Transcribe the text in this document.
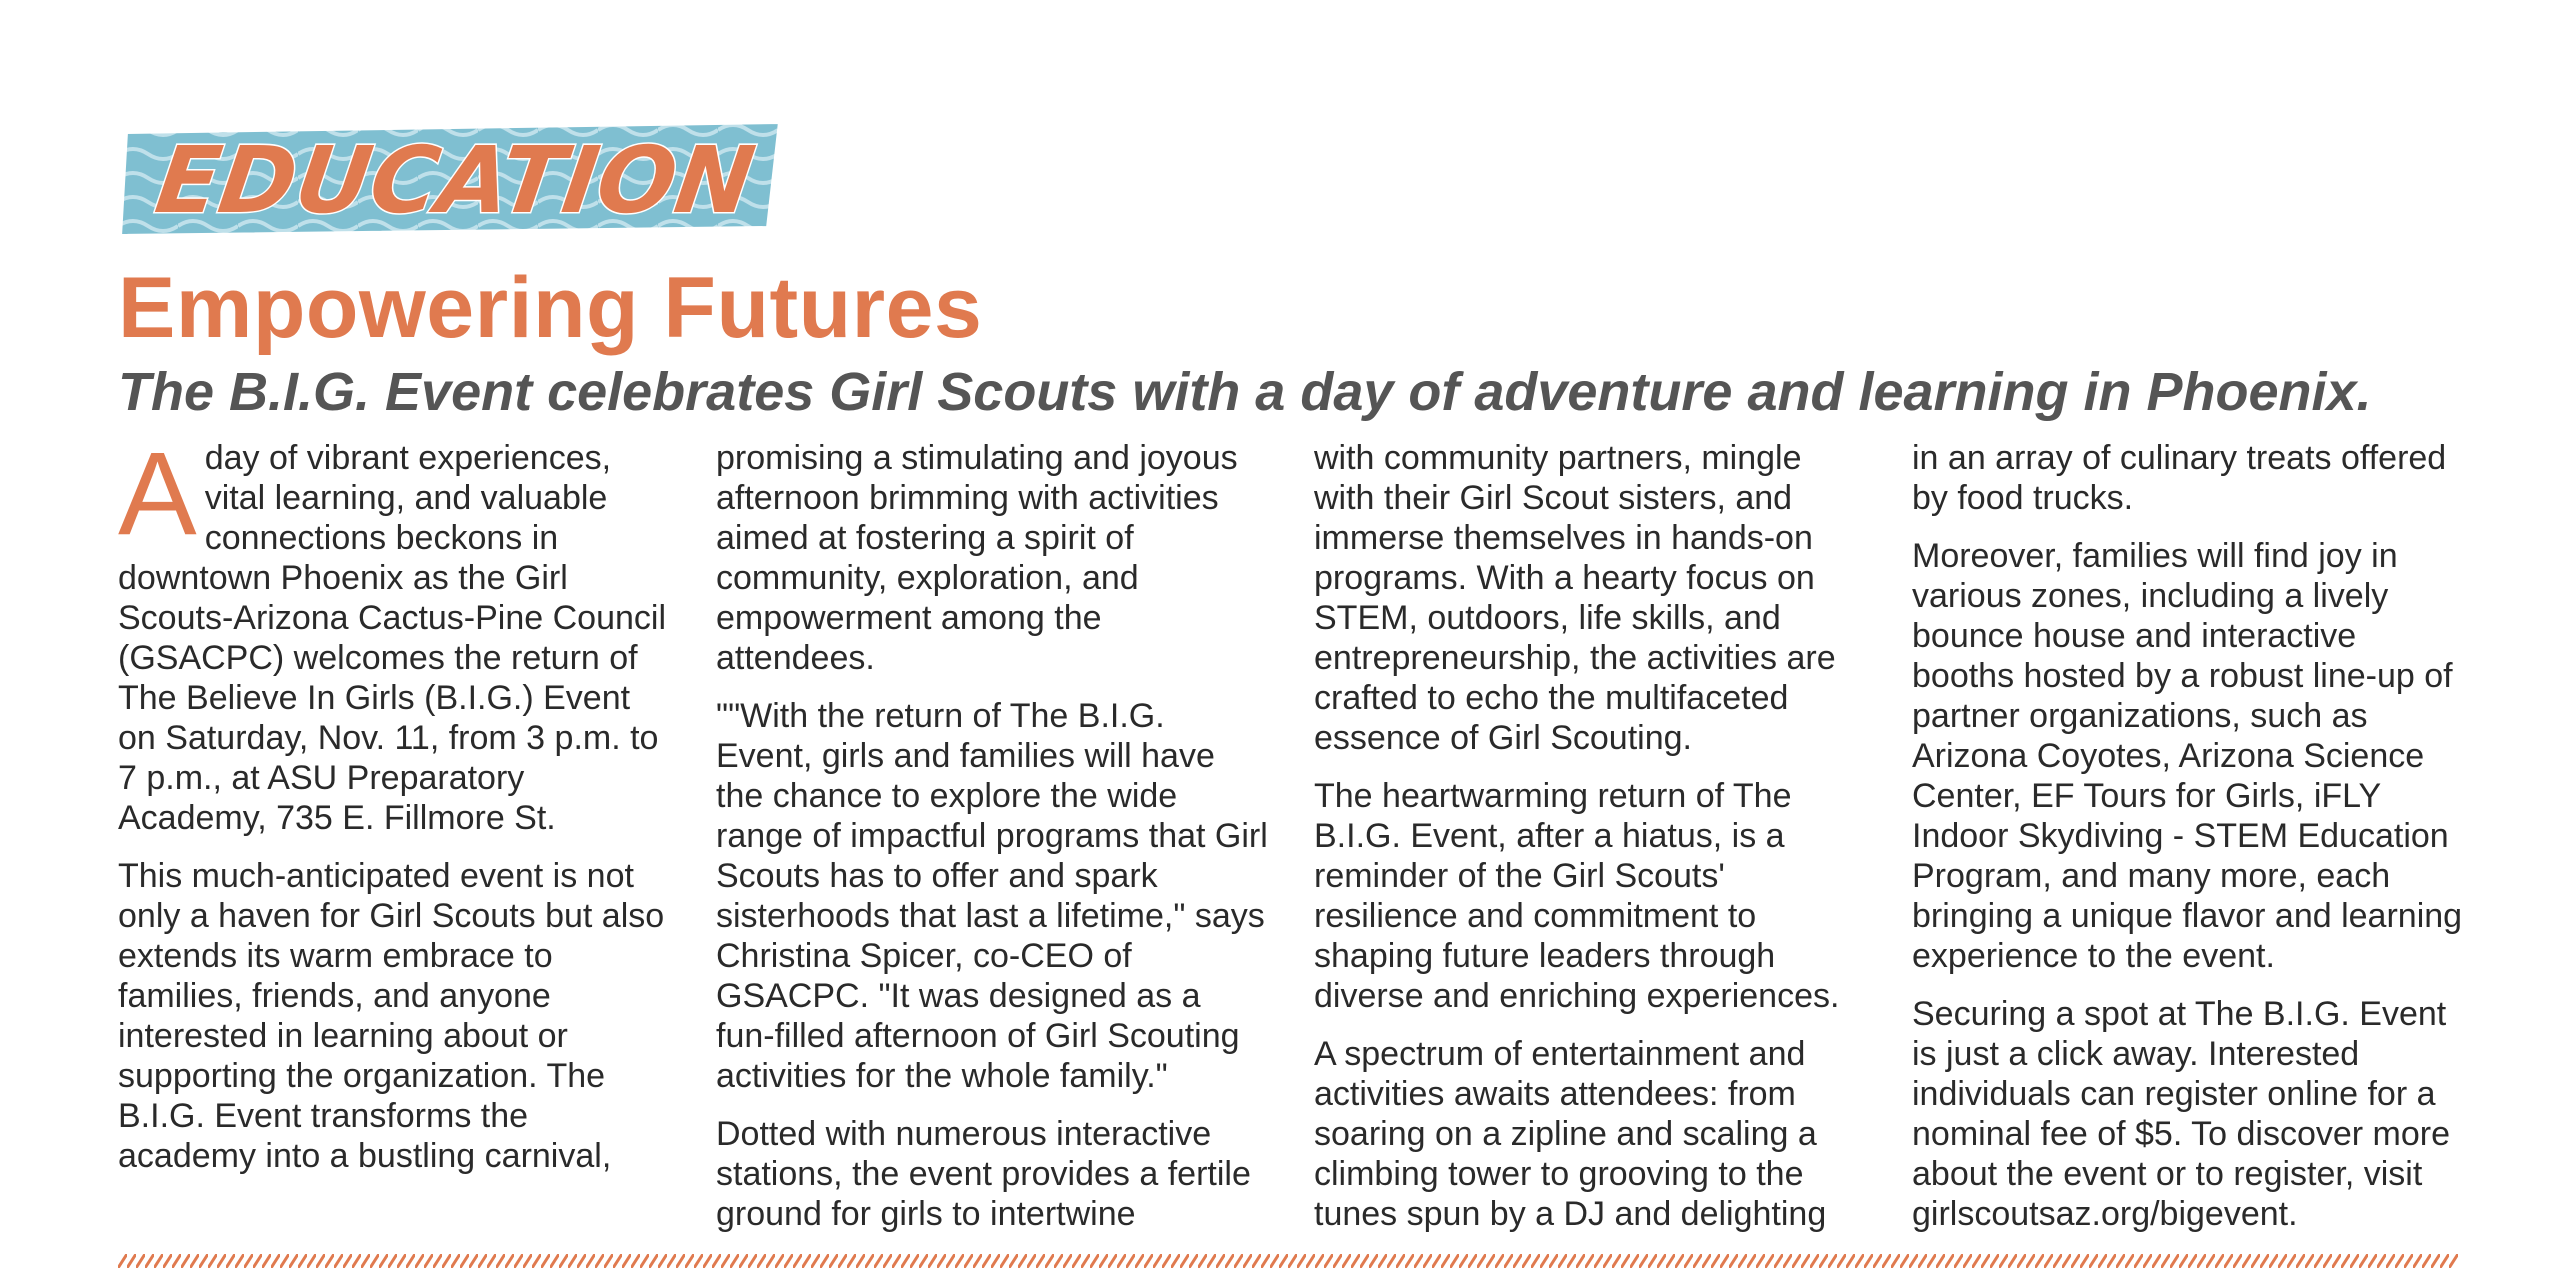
EDUCATION
Empowering Futures
The B.I.G. Event celebrates Girl Scouts with a day of adventure and learning in Phoenix.

Aday of vibrant experiences, vital learning, and valuable connections beckons in downtown Phoenix as the Girl Scouts-Arizona Cactus-Pine Council (GSACPC) welcomes the return of The Believe In Girls (B.I.G.) Event on Saturday, Nov. 11, from 3 p.m. to 7 p.m., at ASU Preparatory Academy, 735 E. Fillmore St.

This much-anticipated event is not only a haven for Girl Scouts but also extends its warm embrace to families, friends, and anyone interested in learning about or supporting the organization. The B.I.G. Event transforms the academy into a bustling carnival,

promising a stimulating and joyous afternoon brimming with activities aimed at fostering a spirit of community, exploration, and empowerment among the attendees.

""With the return of The B.I.G. Event, girls and families will have the chance to explore the wide range of impactful programs that Girl Scouts has to offer and spark sisterhoods that last a lifetime," says Christina Spicer, co-CEO of GSACPC. "It was designed as a fun-filled afternoon of Girl Scouting activities for the whole family."

Dotted with numerous interactive stations, the event provides a fertile ground for girls to intertwine

with community partners, mingle with their Girl Scout sisters, and immerse themselves in hands-on programs. With a hearty focus on STEM, outdoors, life skills, and entrepreneurship, the activities are crafted to echo the multifaceted essence of Girl Scouting.

The heartwarming return of The B.I.G. Event, after a hiatus, is a reminder of the Girl Scouts' resilience and commitment to shaping future leaders through diverse and enriching experiences.

A spectrum of entertainment and activities awaits attendees: from soaring on a zipline and scaling a climbing tower to grooving to the tunes spun by a DJ and delighting

in an array of culinary treats offered by food trucks.

Moreover, families will find joy in various zones, including a lively bounce house and interactive booths hosted by a robust line-up of partner organizations, such as Arizona Coyotes, Arizona Science Center, EF Tours for Girls, iFLY Indoor Skydiving - STEM Education Program, and many more, each bringing a unique flavor and learning experience to the event.

Securing a spot at The B.I.G. Event is just a click away. Interested individuals can register online for a nominal fee of $5. To discover more about the event or to register, visit girlscoutsaz.org/bigevent.
